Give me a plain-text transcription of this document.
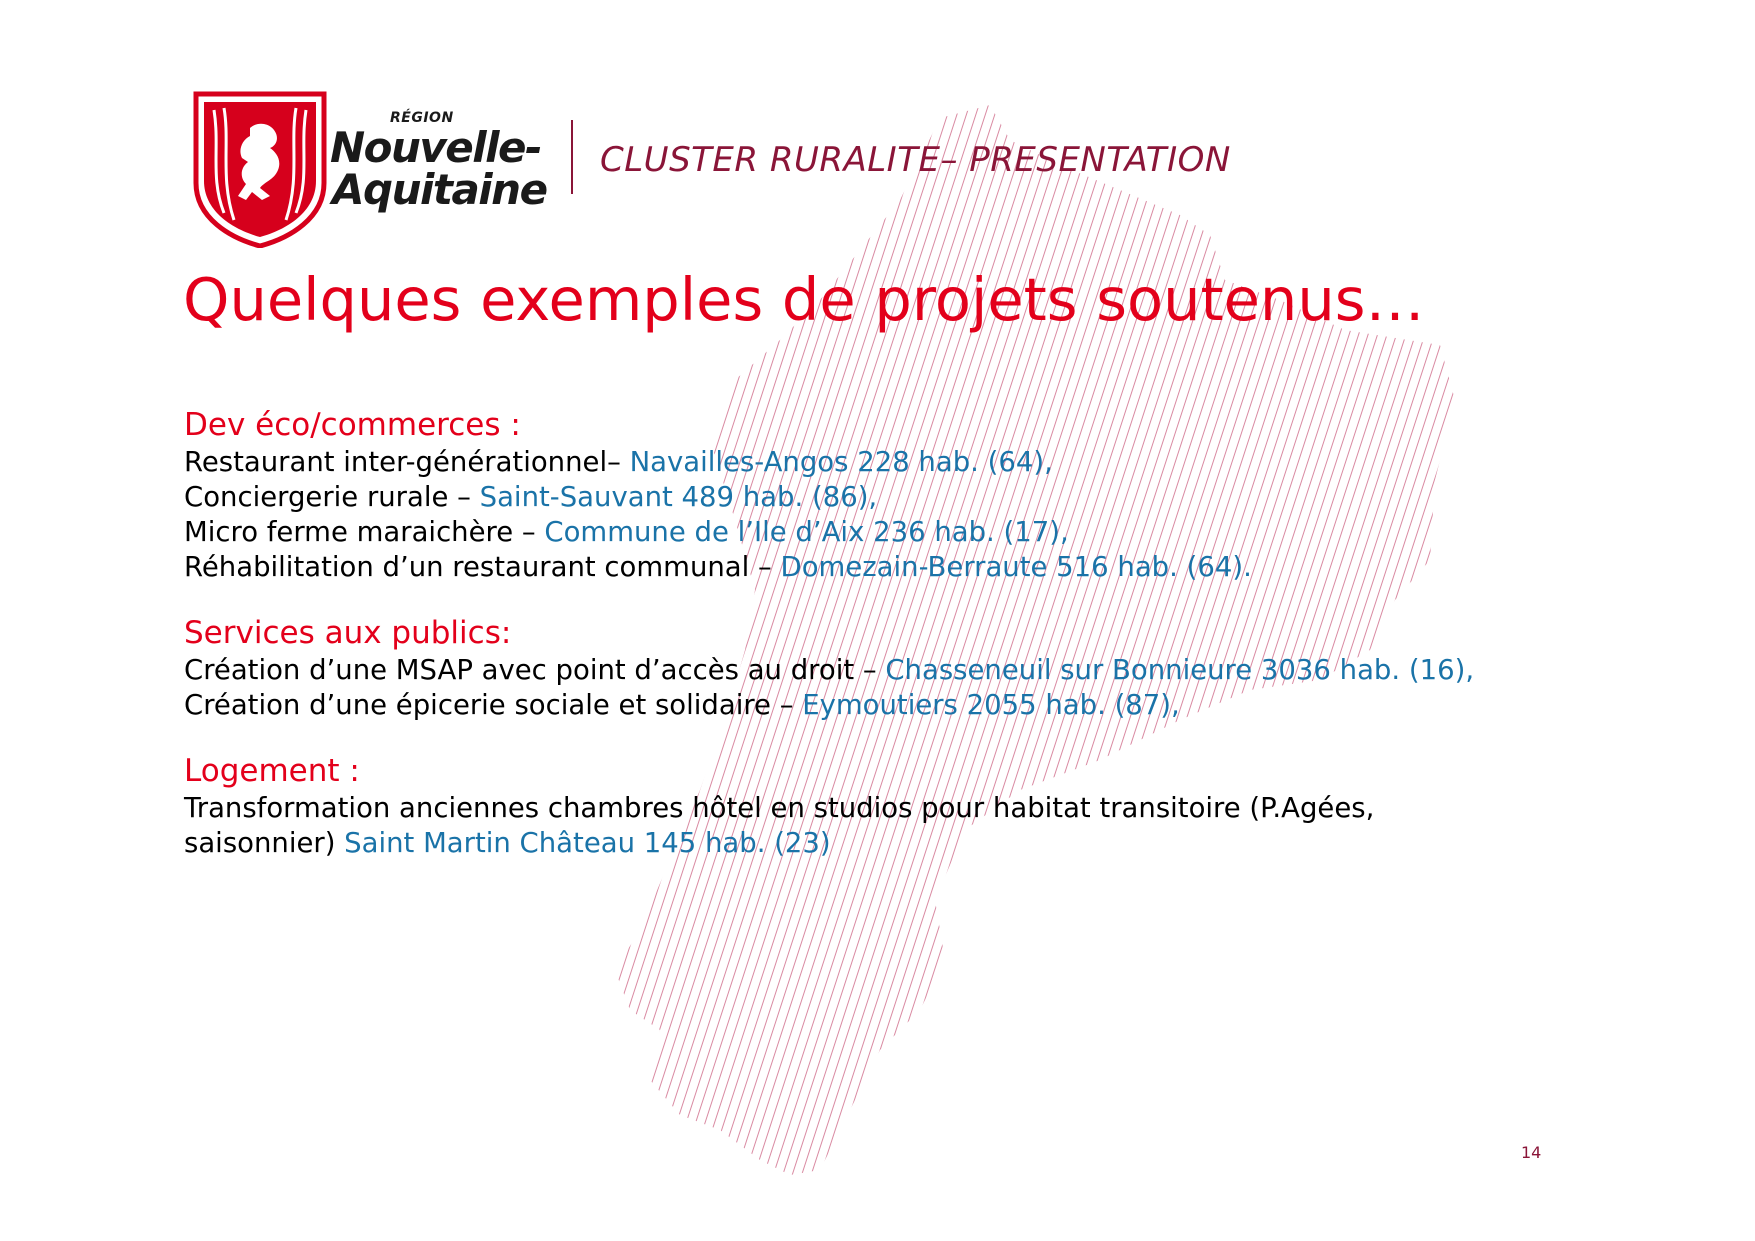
RÉGION
Nouvelle-
Aquitaine
CLUSTER RURALITE– PRESENTATION
Quelques exemples de projets soutenus…
Dev éco/commerces :
Restaurant inter-générationnel– Navailles-Angos 228 hab. (64),
Conciergerie rurale – Saint-Sauvant 489 hab. (86),
Micro ferme maraichère – Commune de l’Ile d’Aix 236 hab. (17),
Réhabilitation d’un restaurant communal – Domezain-Berraute 516 hab. (64).
Services aux publics:
Création d’une MSAP avec point d’accès au droit – Chasseneuil sur Bonnieure 3036 hab. (16),
Création d’une épicerie sociale et solidaire – Eymoutiers 2055 hab. (87),
Logement :
Transformation anciennes chambres hôtel en studios pour habitat transitoire (P.Agées, saisonnier) Saint Martin Château 145 hab. (23)
14
